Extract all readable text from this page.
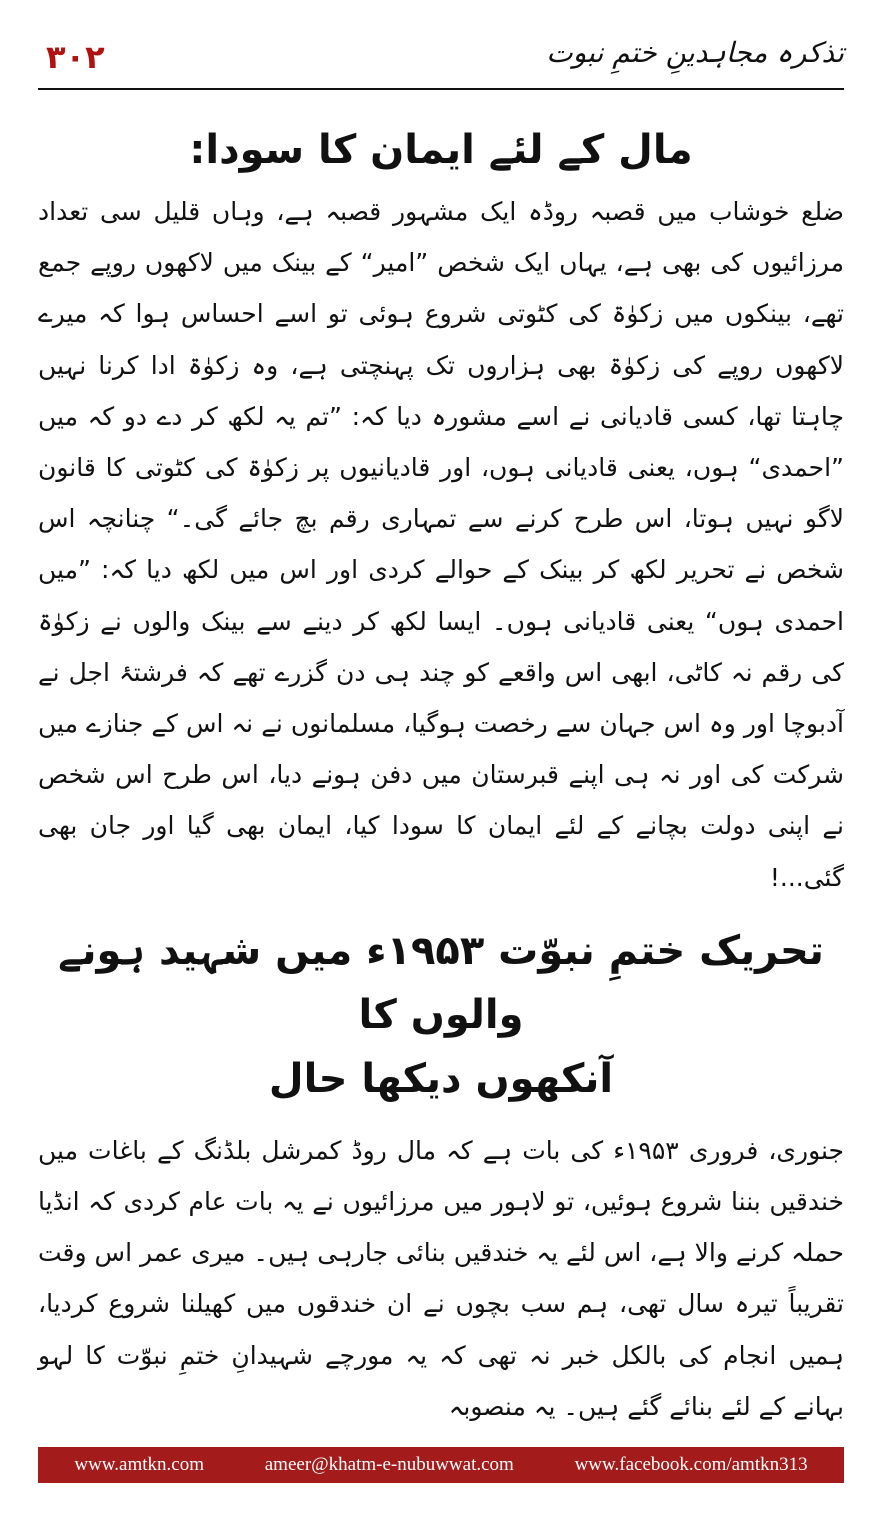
۳۰۲	تذکرہ مجاہدینِ ختمِ نبوت
مال کے لئے ایمان کا سودا:

ضلع خوشاب میں قصبہ روڈہ ایک مشہور قصبہ ہے، وہاں قلیل سی تعداد مرزائیوں کی بھی ہے، یہاں ایک شخص ”امیر“ کے بینک میں لاکھوں روپے جمع تھے، بینکوں میں زکوٰۃ کی کٹوتی شروع ہوئی تو اسے احساس ہوا کہ میرے لاکھوں روپے کی زکوٰۃ بھی ہزاروں تک پہنچتی ہے، وہ زکوٰۃ ادا کرنا نہیں چاہتا تھا، کسی قادیانی نے اسے مشورہ دیا کہ: ”تم یہ لکھ کر دے دو کہ میں ”احمدی“ ہوں، یعنی قادیانی ہوں، اور قادیانیوں پر زکوٰۃ کی کٹوتی کا قانون لاگو نہیں ہوتا، اس طرح کرنے سے تمہاری رقم بچ جائے گی۔“ چنانچہ اس شخص نے تحریر لکھ کر بینک کے حوالے کردی اور اس میں لکھ دیا کہ: ”میں احمدی ہوں“ یعنی قادیانی ہوں۔ ایسا لکھ کر دینے سے بینک والوں نے زکوٰۃ کی رقم نہ کاٹی، ابھی اس واقعے کو چند ہی دن گزرے تھے کہ فرشتۂ اجل نے آدبوچا اور وہ اس جہان سے رخصت ہوگیا، مسلمانوں نے نہ اس کے جنازے میں شرکت کی اور نہ ہی اپنے قبرستان میں دفن ہونے دیا، اس طرح اس شخص نے اپنی دولت بچانے کے لئے ایمان کا سودا کیا، ایمان بھی گیا اور جان بھی گئی...!

تحریک ختمِ نبوّت ۱۹۵۳ء میں شہید ہونے والوں کا
آنکھوں دیکھا حال

جنوری، فروری ۱۹۵۳ء کی بات ہے کہ مال روڈ کمرشل بلڈنگ کے باغات میں خندقیں بننا شروع ہوئیں، تو لاہور میں مرزائیوں نے یہ بات عام کردی کہ انڈیا حملہ کرنے والا ہے، اس لئے یہ خندقیں بنائی جارہی ہیں۔ میری عمر اس وقت تقریباً تیرہ سال تھی، ہم سب بچوں نے ان خندقوں میں کھیلنا شروع کردیا، ہمیں انجام کی بالکل خبر نہ تھی کہ یہ مورچے شہیدانِ ختمِ نبوّت کا لہو بہانے کے لئے بنائے گئے ہیں۔ یہ منصوبہ

www.amtkn.com	ameer@khatm-e-nubuwwat.com	www.facebook.com/amtkn313
